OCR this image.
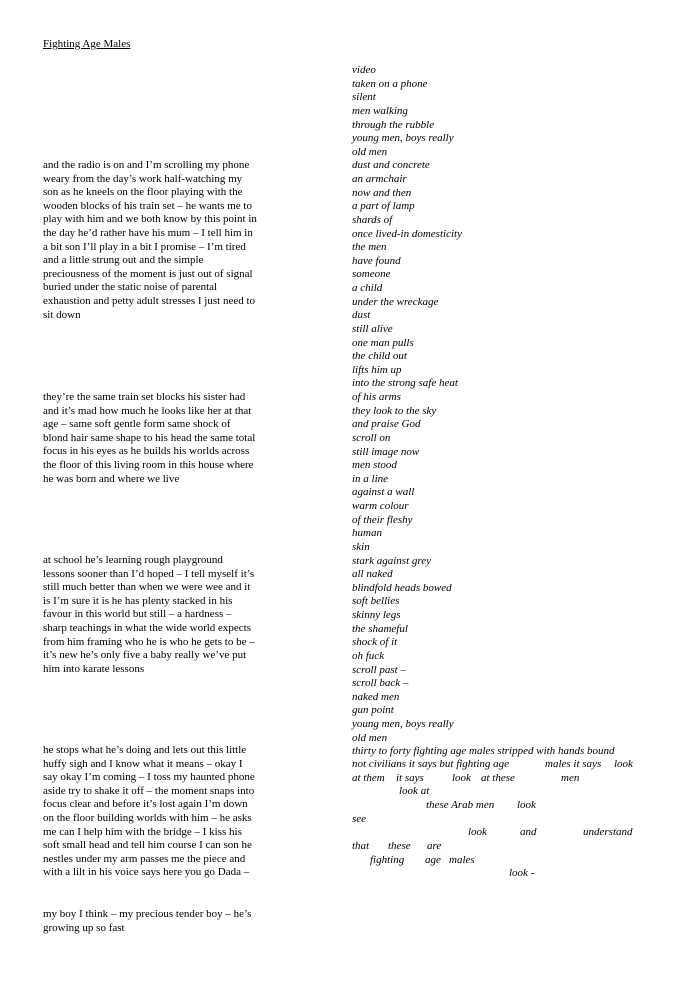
Fighting Age Males
and the radio is on and I’m scrolling my phone
weary from the day’s work half-watching my
son as he kneels on the floor playing with the
wooden blocks of his train set – he wants me to
play with him and we both know by this point in
the day he’d rather have his mum – I tell him in
a bit son I’ll play in a bit I promise – I’m tired
and a little strung out and the simple
preciousness of the moment is just out of signal
buried under the static noise of parental
exhaustion and petty adult stresses I just need to
sit down
they’re the same train set blocks his sister had
and it’s mad how much he looks like her at that
age – same soft gentle form same shock of
blond hair same shape to his head the same total
focus in his eyes as he builds his worlds across
the floor of this living room in this house where
he was born and where we live
at school he’s learning rough playground
lessons sooner than I’d hoped – I tell myself it’s
still much better than when we were wee and it
is I’m sure it is he has plenty stacked in his
favour in this world but still – a hardness –
sharp teachings in what the wide world expects
from him framing who he is who he gets to be –
it’s new he’s only five a baby really we’ve put
him into karate lessons
he stops what he’s doing and lets out this little
huffy sigh and I know what it means – okay I
say okay I’m coming – I toss my haunted phone
aside try to shake it off – the moment snaps into
focus clear and before it’s lost again I’m down
on the floor building worlds with him – he asks
me can I help him with the bridge – I kiss his
soft small head and tell him course I can son he
nestles under my arm passes me the piece and
with a lilt in his voice says here you go Dada –
my boy I think – my precious tender boy – he’s
growing up so fast
video
taken on a phone
silent
men walking
through the rubble
young men, boys really
old men
dust and concrete
an armchair
now and then
a part of lamp
shards of
once lived-in domesticity
the men
have found
someone
a child
under the wreckage
dust
still alive
one man pulls
the child out
lifts him up
into the strong safe heat
of his arms
they look to the sky
and praise God
scroll on
still image now
men stood
in a line
against a wall
warm colour
of their fleshy
human
skin
stark against grey
all naked
blindfold heads bowed
soft bellies
skinny legs
the shameful
shock of it
oh fuck
scroll past –
scroll back –
naked men
gun point
young men, boys really
old men
thirty to forty fighting age males stripped with hands bound
not civilians it says but fighting age	males it says look
at them it says	look at these	men
look at
these Arab men look
see
look	and	understand
that these are
fighting age males
look -
